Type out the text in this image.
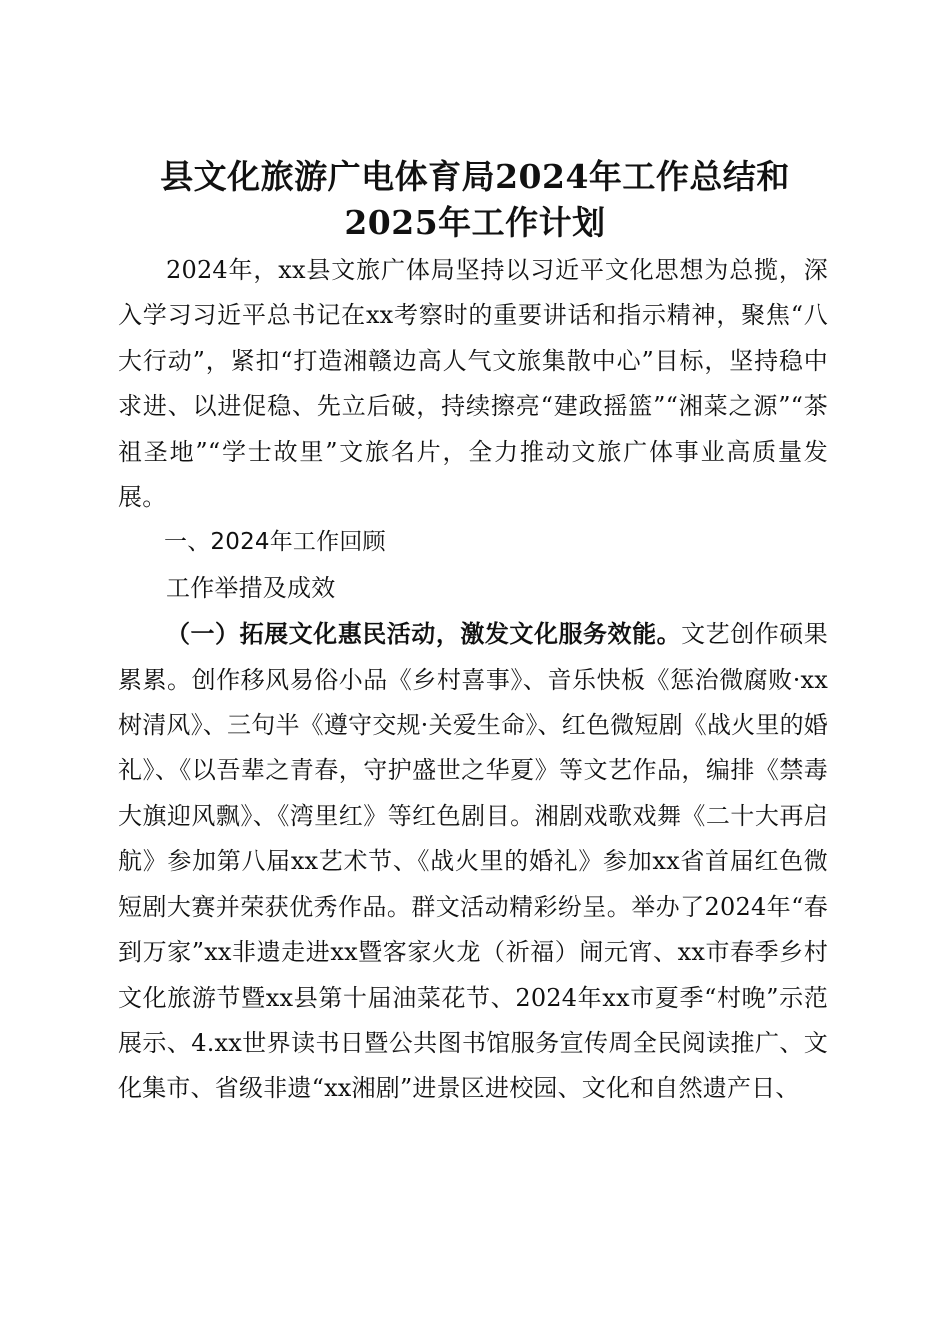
县文化旅游广电体育局2024年工作总结和
2025年工作计划

2024年，xx县文旅广体局坚持以习近平文化思想为总揽，深入学习习近平总书记在xx考察时的重要讲话和指示精神，聚焦“八大行动”，紧扣“打造湘赣边高人气文旅集散中心”目标，坚持稳中求进、以进促稳、先立后破，持续擦亮“建政摇篮”“湘菜之源”“茶祖圣地”“学士故里”文旅名片，全力推动文旅广体事业高质量发展。

一、2024年工作回顾

工作举措及成效

（一）拓展文化惠民活动，激发文化服务效能。文艺创作硕果累累。创作移风易俗小品《乡村喜事》、音乐快板《惩治微腐败·xx树清风》、三句半《遵守交规·关爱生命》、红色微短剧《战火里的婚礼》、《以吾辈之青春，守护盛世之华夏》等文艺作品，编排《禁毒大旗迎风飘》、《湾里红》等红色剧目。湘剧戏歌戏舞《二十大再启航》参加第八届xx艺术节、《战火里的婚礼》参加xx省首届红色微短剧大赛并荣获优秀作品。群文活动精彩纷呈。举办了2024年“春到万家”xx非遗走进xx暨客家火龙（祈福）闹元宵、xx市春季乡村文化旅游节暨xx县第十届油菜花节、2024年xx市夏季“村晚”示范展示、4.xx世界读书日暨公共图书馆服务宣传周全民阅读推广、文化集市、省级非遗“xx湘剧”进景区进校园、文化和自然遗产日、
